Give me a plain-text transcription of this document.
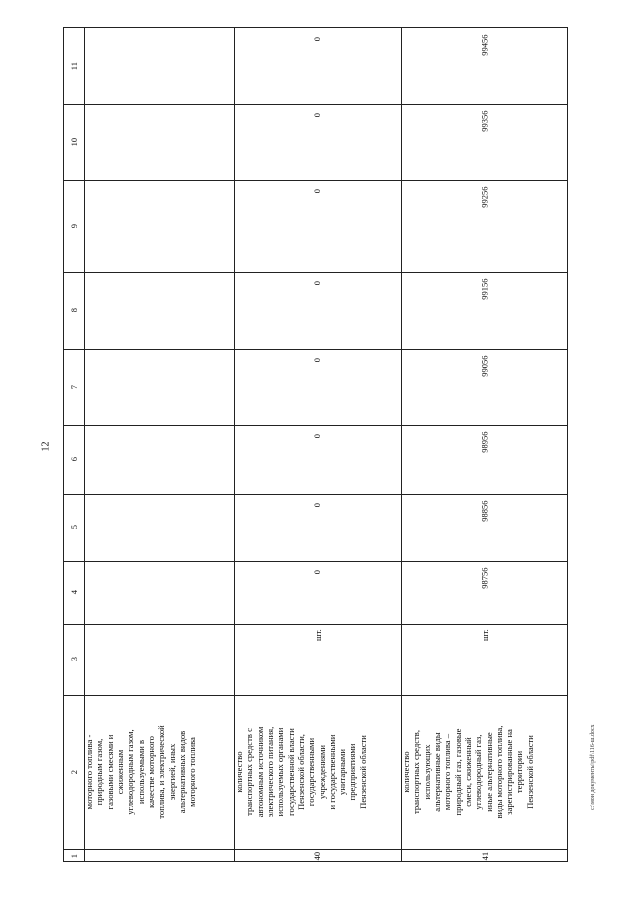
12
c:\мои документы\pdf\116-ш.docx
1
2
3
4
5
6
7
8
9
10
11
моторного топлива -
природным газом,
газовыми смесями и
сжиженным
углеводородным газом,
используемыми в
качестве моторного
топлива, и электрической
энергией, иных
альтернативных видов
моторного топлива
40
количество
транспортных средств с
автономным источником
электрического питания,
используемых органами
государственной власти
Пензенской области,
государственными
учреждениями
и государственными
унитарными
предприятиями
Пензенской области
шт.
0
0
0
0
0
0
0
0
41
количество
транспортных средств,
использующих
альтернативные виды
моторного топлива –
природный газ, газовые
смеси, сжиженный
углеводородный газ,
иные альтернативные
виды моторного топлива,
зарегистрированные на
территории
Пензенской области
шт.
98756
98856
98956
99056
99156
99256
99356
99456
